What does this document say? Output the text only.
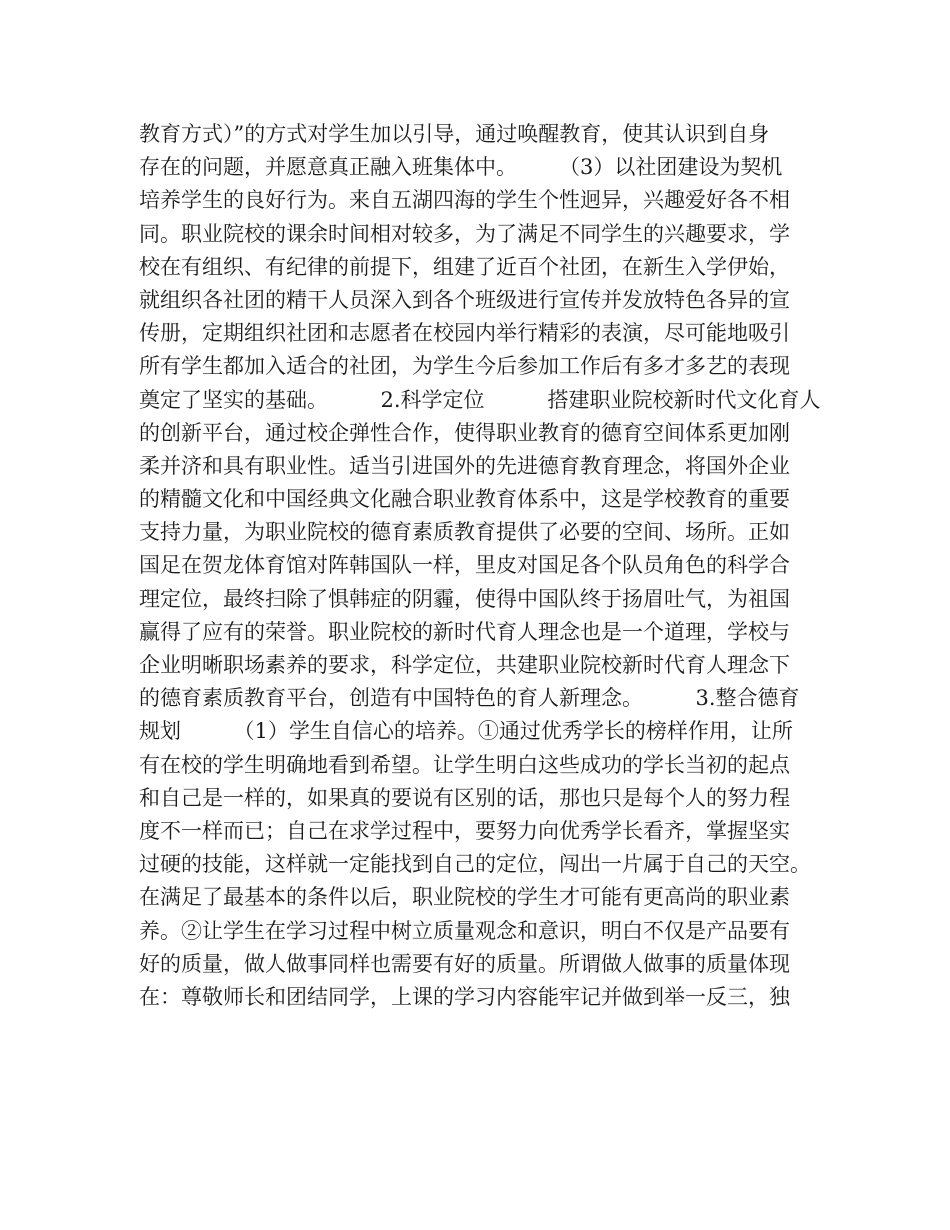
教育方式）”的方式对学生加以引导，通过唤醒教育，使其认识到自身
存在的问题，并愿意真正融入班集体中。　　　（3）以社团建设为契机
培养学生的良好行为。来自五湖四海的学生个性迥异，兴趣爱好各不相
同。职业院校的课余时间相对较多，为了满足不同学生的兴趣要求，学
校在有组织、有纪律的前提下，组建了近百个社团，在新生入学伊始，
就组织各社团的精干人员深入到各个班级进行宣传并发放特色各异的宣
传册，定期组织社团和志愿者在校园内举行精彩的表演，尽可能地吸引
所有学生都加入适合的社团，为学生今后参加工作后有多才多艺的表现
奠定了坚实的基础。　　　2.科学定位　　　搭建职业院校新时代文化育人
的创新平台，通过校企弹性合作，使得职业教育的德育空间体系更加刚
柔并济和具有职业性。适当引进国外的先进德育教育理念，将国外企业
的精髓文化和中国经典文化融合职业教育体系中，这是学校教育的重要
支持力量，为职业院校的德育素质教育提供了必要的空间、场所。正如
国足在贺龙体育馆对阵韩国队一样，里皮对国足各个队员角色的科学合
理定位，最终扫除了惧韩症的阴霾，使得中国队终于扬眉吐气，为祖国
赢得了应有的荣誉。职业院校的新时代育人理念也是一个道理，学校与
企业明晰职场素养的要求，科学定位，共建职业院校新时代育人理念下
的德育素质教育平台，创造有中国特色的育人新理念。　　　3.整合德育
规划　　　（1）学生自信心的培养。①通过优秀学长的榜样作用，让所
有在校的学生明确地看到希望。让学生明白这些成功的学长当初的起点
和自己是一样的，如果真的要说有区别的话，那也只是每个人的努力程
度不一样而已；自己在求学过程中，要努力向优秀学长看齐，掌握坚实
过硬的技能，这样就一定能找到自己的定位，闯出一片属于自己的天空。
在满足了最基本的条件以后，职业院校的学生才可能有更高尚的职业素
养。②让学生在学习过程中树立质量观念和意识，明白不仅是产品要有
好的质量，做人做事同样也需要有好的质量。所谓做人做事的质量体现
在：尊敬师长和团结同学，上课的学习内容能牢记并做到举一反三，独
